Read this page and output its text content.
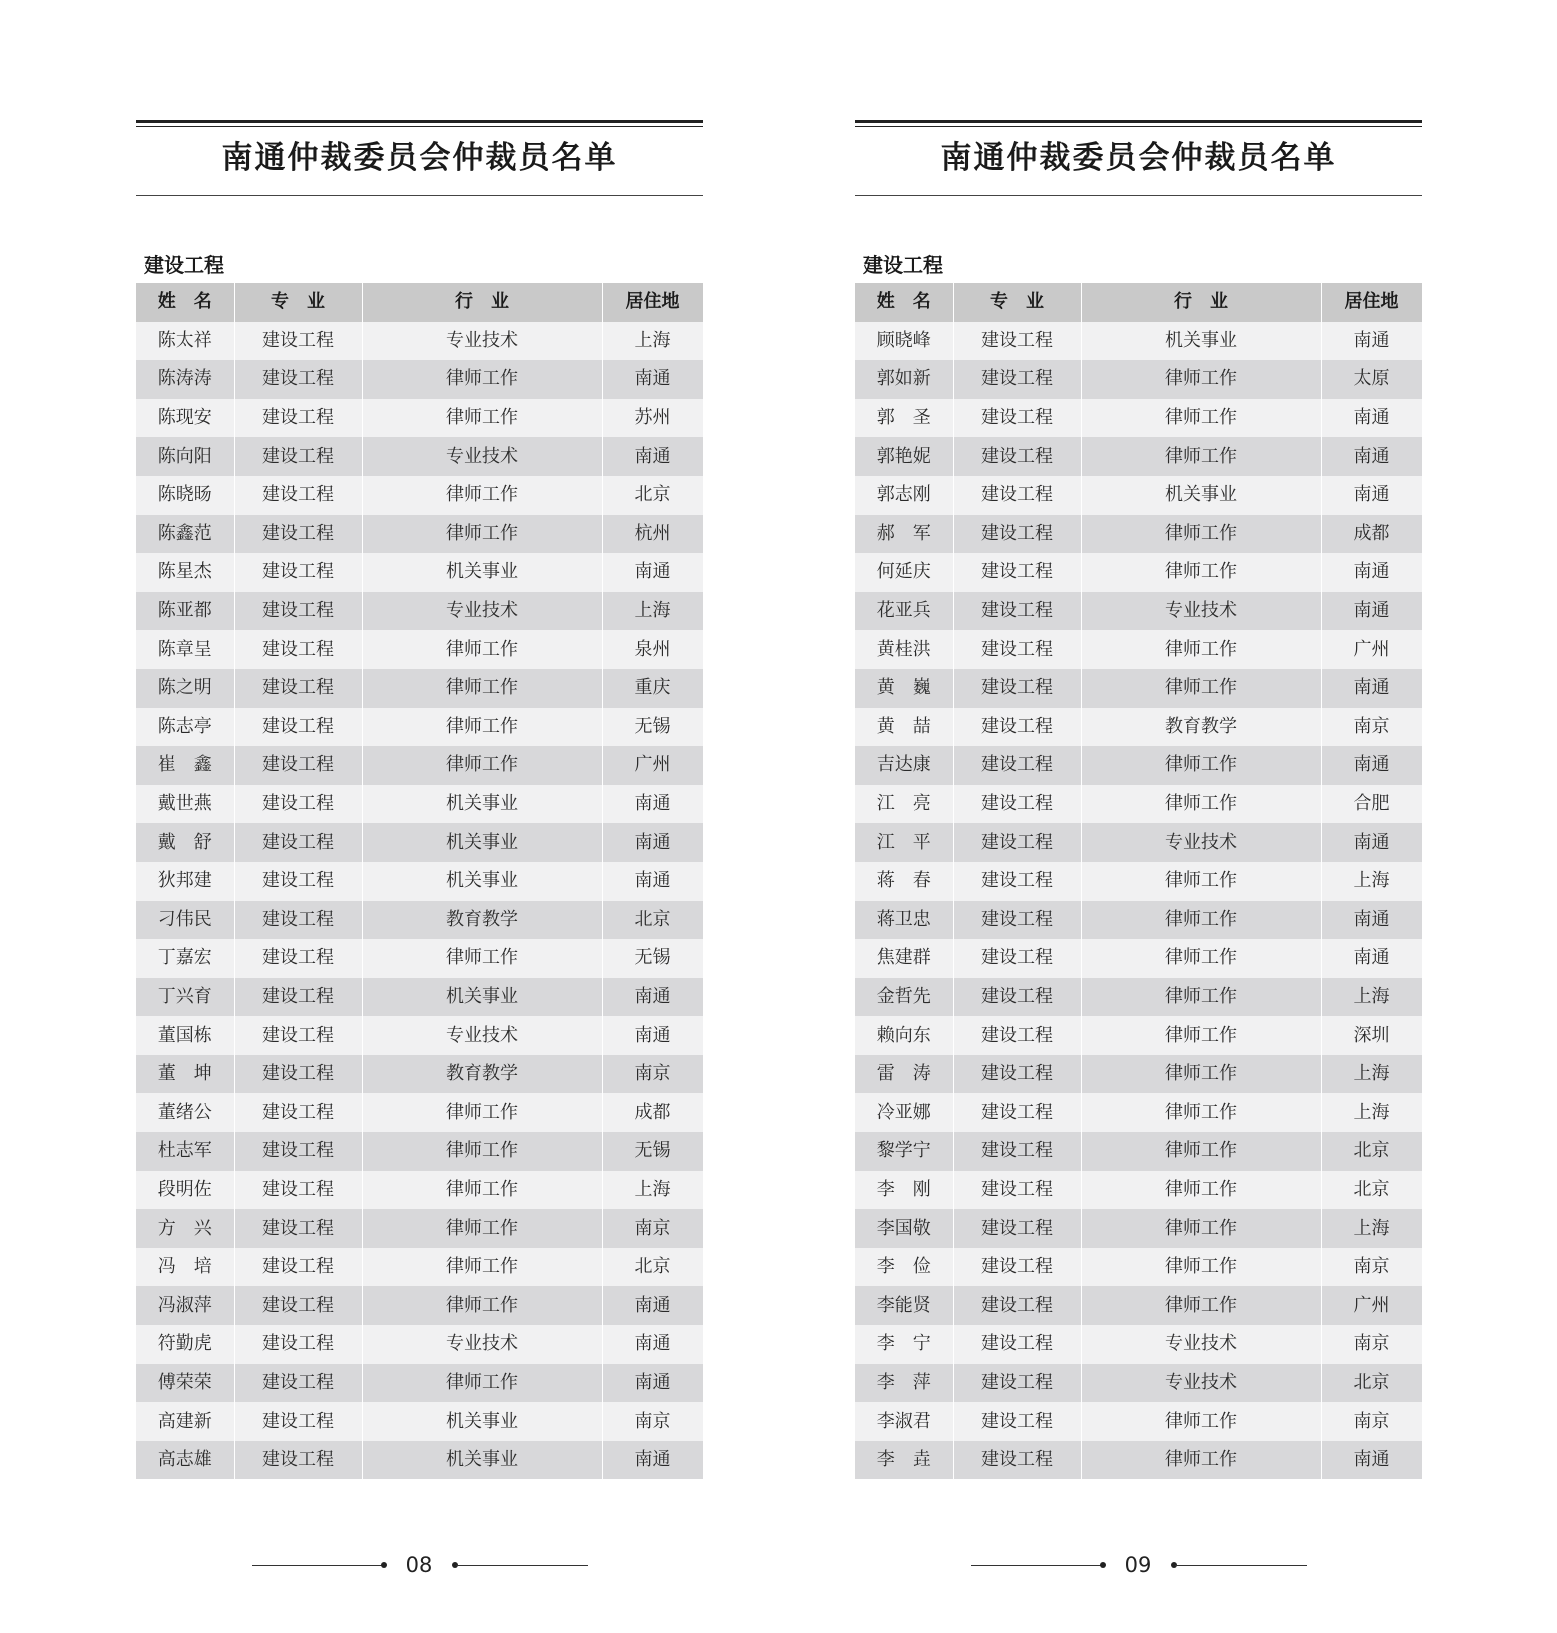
南通仲裁委员会仲裁员名单
建设工程
姓　名	专　业	行　业	居住地
陈太祥	建设工程	专业技术	上海
陈涛涛	建设工程	律师工作	南通
陈现安	建设工程	律师工作	苏州
陈向阳	建设工程	专业技术	南通
陈晓旸	建设工程	律师工作	北京
陈鑫范	建设工程	律师工作	杭州
陈星杰	建设工程	机关事业	南通
陈亚都	建设工程	专业技术	上海
陈章呈	建设工程	律师工作	泉州
陈之明	建设工程	律师工作	重庆
陈志亭	建设工程	律师工作	无锡
崔　鑫	建设工程	律师工作	广州
戴世燕	建设工程	机关事业	南通
戴　舒	建设工程	机关事业	南通
狄邦建	建设工程	机关事业	南通
刁伟民	建设工程	教育教学	北京
丁嘉宏	建设工程	律师工作	无锡
丁兴育	建设工程	机关事业	南通
董国栋	建设工程	专业技术	南通
董　坤	建设工程	教育教学	南京
董绪公	建设工程	律师工作	成都
杜志军	建设工程	律师工作	无锡
段明佐	建设工程	律师工作	上海
方　兴	建设工程	律师工作	南京
冯　培	建设工程	律师工作	北京
冯淑萍	建设工程	律师工作	南通
符勤虎	建设工程	专业技术	南通
傅荣荣	建设工程	律师工作	南通
高建新	建设工程	机关事业	南京
高志雄	建设工程	机关事业	南通
08
南通仲裁委员会仲裁员名单
建设工程
姓　名	专　业	行　业	居住地
顾晓峰	建设工程	机关事业	南通
郭如新	建设工程	律师工作	太原
郭　圣	建设工程	律师工作	南通
郭艳妮	建设工程	律师工作	南通
郭志刚	建设工程	机关事业	南通
郝　军	建设工程	律师工作	成都
何延庆	建设工程	律师工作	南通
花亚兵	建设工程	专业技术	南通
黄桂洪	建设工程	律师工作	广州
黄　巍	建设工程	律师工作	南通
黄　喆	建设工程	教育教学	南京
吉达康	建设工程	律师工作	南通
江　亮	建设工程	律师工作	合肥
江　平	建设工程	专业技术	南通
蒋　春	建设工程	律师工作	上海
蒋卫忠	建设工程	律师工作	南通
焦建群	建设工程	律师工作	南通
金哲先	建设工程	律师工作	上海
赖向东	建设工程	律师工作	深圳
雷　涛	建设工程	律师工作	上海
冷亚娜	建设工程	律师工作	上海
黎学宁	建设工程	律师工作	北京
李　刚	建设工程	律师工作	北京
李国敬	建设工程	律师工作	上海
李　俭	建设工程	律师工作	南京
李能贤	建设工程	律师工作	广州
李　宁	建设工程	专业技术	南京
李　萍	建设工程	专业技术	北京
李淑君	建设工程	律师工作	南京
李　垚	建设工程	律师工作	南通
09
